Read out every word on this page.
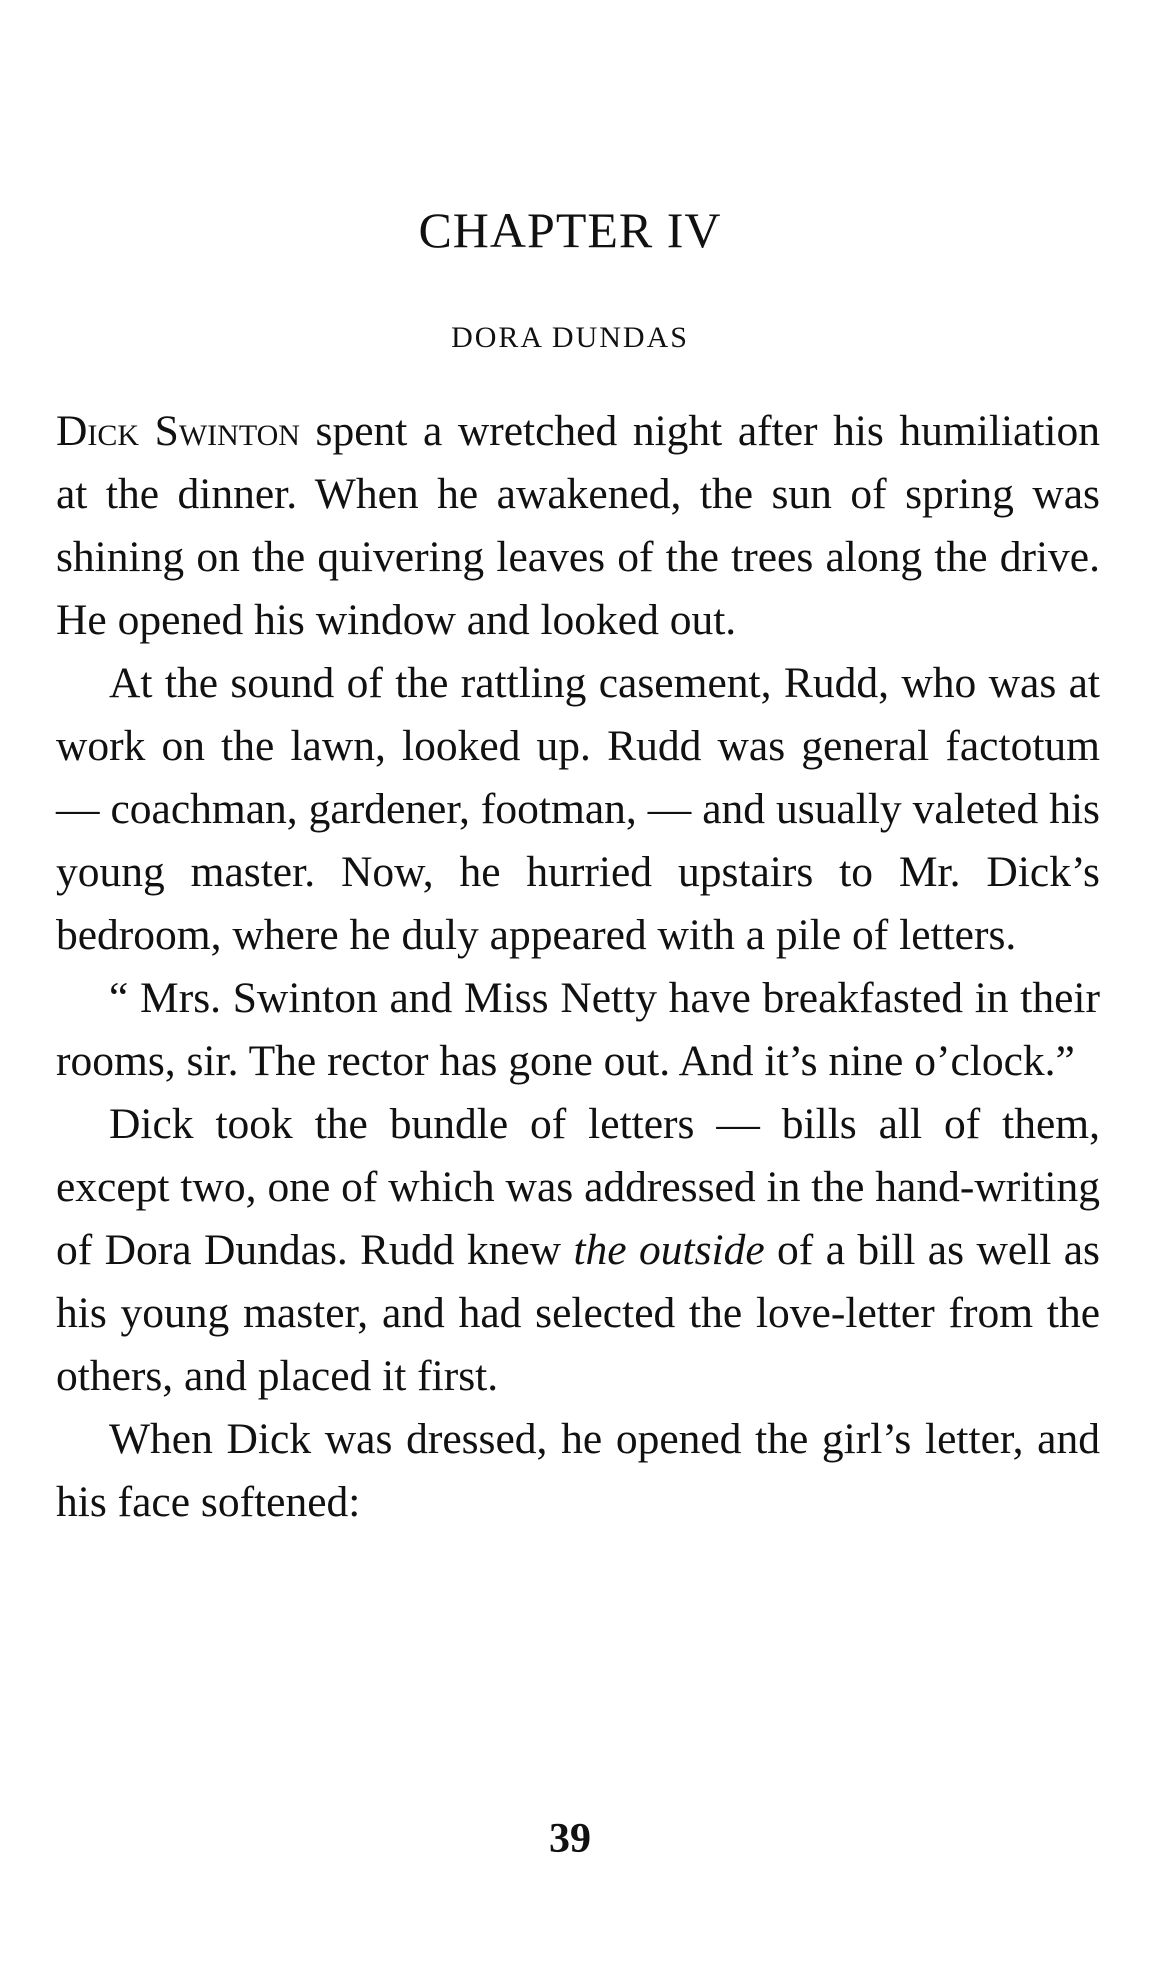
CHAPTER IV
DORA DUNDAS

Dick Swinton spent a wretched night after his humiliation at the dinner. When he awakened, the sun of spring was shining on the quivering leaves of the trees along the drive. He opened his window and looked out.

At the sound of the rattling casement, Rudd, who was at work on the lawn, looked up. Rudd was general factotum — coachman, gardener, footman, — and usually valeted his young master. Now, he hurried upstairs to Mr. Dick’s bedroom, where he duly appeared with a pile of letters.

“ Mrs. Swinton and Miss Netty have breakfasted in their rooms, sir. The rector has gone out. And it’s nine o’clock.”

Dick took the bundle of letters — bills all of them, except two, one of which was addressed in the hand-writing of Dora Dundas. Rudd knew the outside of a bill as well as his young master, and had selected the love-letter from the others, and placed it first.

When Dick was dressed, he opened the girl’s letter, and his face softened:

39
